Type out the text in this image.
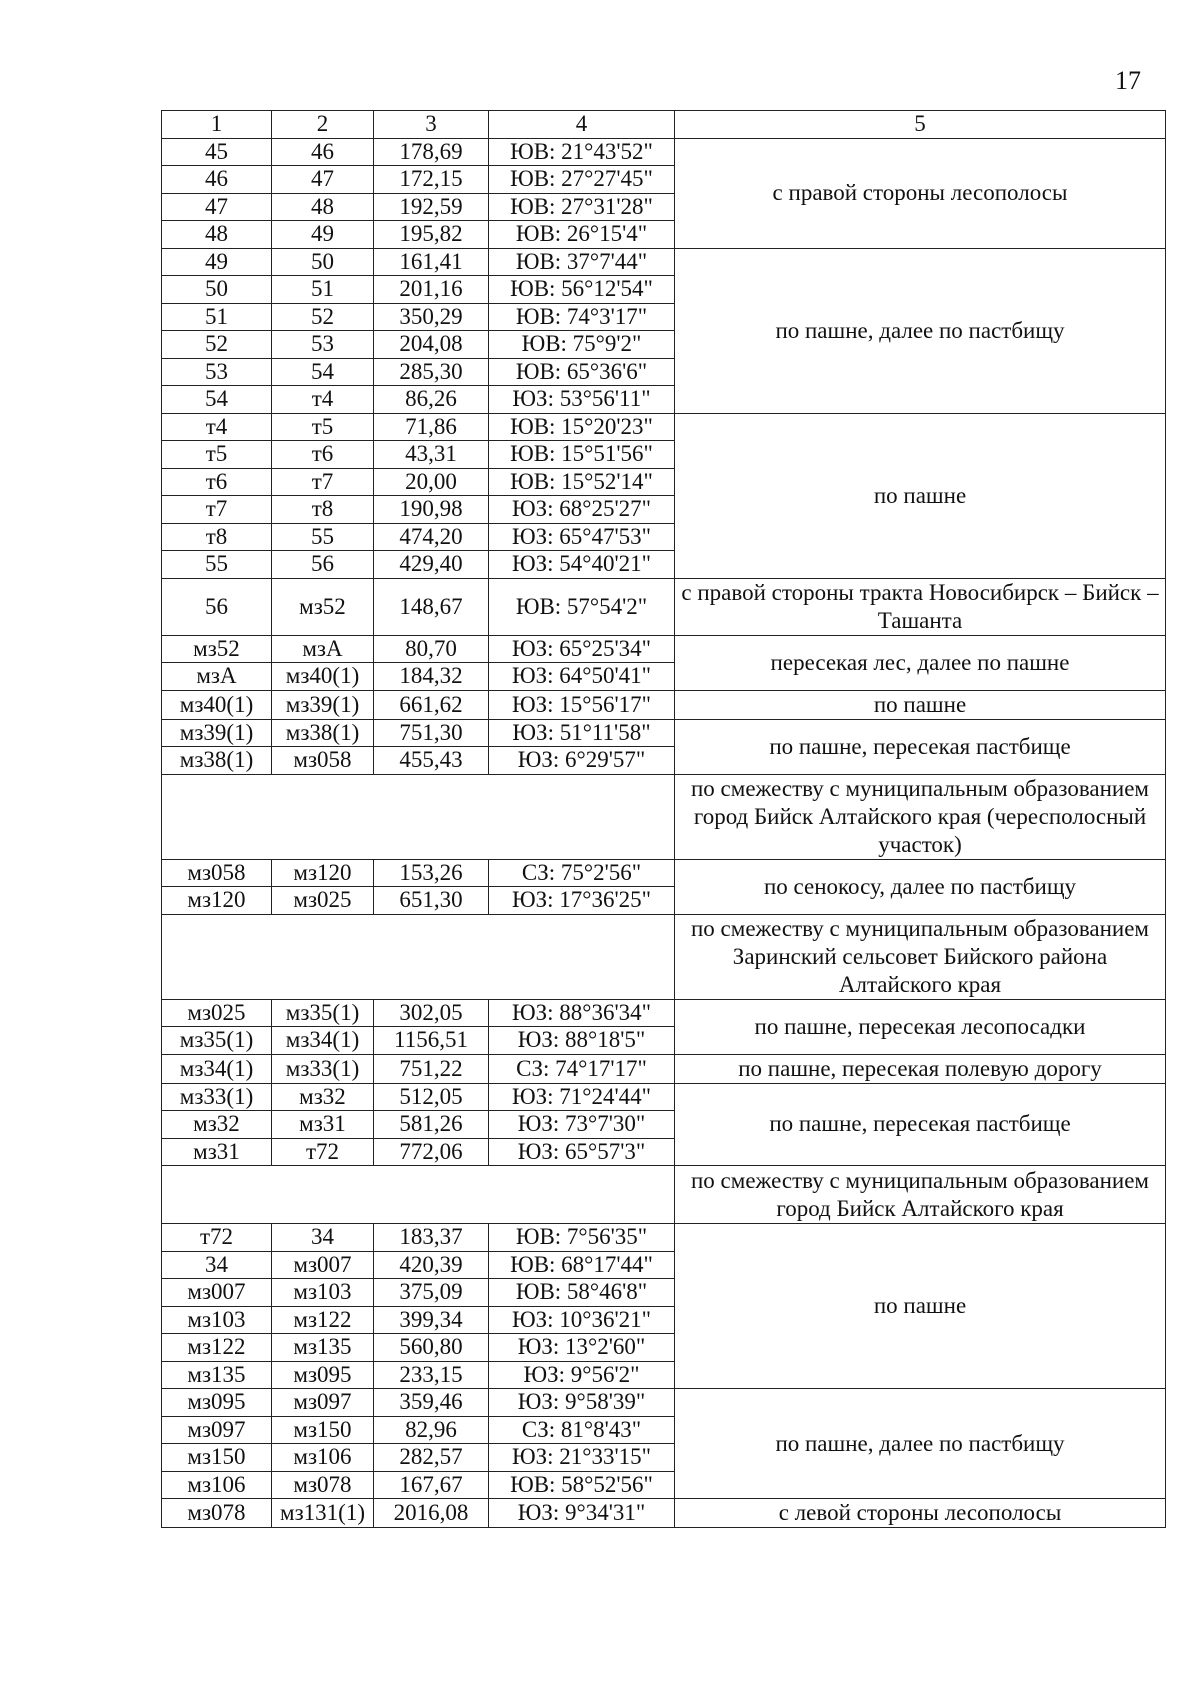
17
1	2	3	4	5
45	46	178,69	ЮВ: 21°43'52"	с правой стороны лесополосы
46	47	172,15	ЮВ: 27°27'45"	
47	48	192,59	ЮВ: 27°31'28"	
48	49	195,82	ЮВ: 26°15'4"	
49	50	161,41	ЮВ: 37°7'44"	по пашне, далее по пастбищу
50	51	201,16	ЮВ: 56°12'54"	
51	52	350,29	ЮВ: 74°3'17"	
52	53	204,08	ЮВ: 75°9'2"	
53	54	285,30	ЮВ: 65°36'6"	
54	т4	86,26	ЮЗ: 53°56'11"	
т4	т5	71,86	ЮВ: 15°20'23"	по пашне
т5	т6	43,31	ЮВ: 15°51'56"	
т6	т7	20,00	ЮВ: 15°52'14"	
т7	т8	190,98	ЮЗ: 68°25'27"	
т8	55	474,20	ЮЗ: 65°47'53"	
55	56	429,40	ЮЗ: 54°40'21"	
56	мз52	148,67	ЮВ: 57°54'2"	с правой стороны тракта Новосибирск – Бийск – Ташанта
мз52	мзА	80,70	ЮЗ: 65°25'34"	пересекая лес, далее по пашне
мзА	мз40(1)	184,32	ЮЗ: 64°50'41"	
мз40(1)	мз39(1)	661,62	ЮЗ: 15°56'17"	по пашне
мз39(1)	мз38(1)	751,30	ЮЗ: 51°11'58"	по пашне, пересекая пастбище
мз38(1)	мз058	455,43	ЮЗ: 6°29'57"	
				по смежеству с муниципальным образованием город Бийск Алтайского края (чересполосный участок)
мз058	мз120	153,26	СЗ: 75°2'56"	по сенокосу, далее по пастбищу
мз120	мз025	651,30	ЮЗ: 17°36'25"	
				по смежеству с муниципальным образованием Заринский сельсовет Бийского района Алтайского края
мз025	мз35(1)	302,05	ЮЗ: 88°36'34"	по пашне, пересекая лесопосадки
мз35(1)	мз34(1)	1156,51	ЮЗ: 88°18'5"	
мз34(1)	мз33(1)	751,22	СЗ: 74°17'17"	по пашне, пересекая полевую дорогу
мз33(1)	мз32	512,05	ЮЗ: 71°24'44"	по пашне, пересекая пастбище
мз32	мз31	581,26	ЮЗ: 73°7'30"	
мз31	т72	772,06	ЮЗ: 65°57'3"	
				по смежеству с муниципальным образованием город Бийск Алтайского края
т72	34	183,37	ЮВ: 7°56'35"	по пашне
34	мз007	420,39	ЮВ: 68°17'44"	
мз007	мз103	375,09	ЮВ: 58°46'8"	
мз103	мз122	399,34	ЮЗ: 10°36'21"	
мз122	мз135	560,80	ЮЗ: 13°2'60"	
мз135	мз095	233,15	ЮЗ: 9°56'2"	
мз095	мз097	359,46	ЮЗ: 9°58'39"	по пашне, далее по пастбищу
мз097	мз150	82,96	СЗ: 81°8'43"	
мз150	мз106	282,57	ЮЗ: 21°33'15"	
мз106	мз078	167,67	ЮВ: 58°52'56"	
мз078	мз131(1)	2016,08	ЮЗ: 9°34'31"	с левой стороны лесополосы
